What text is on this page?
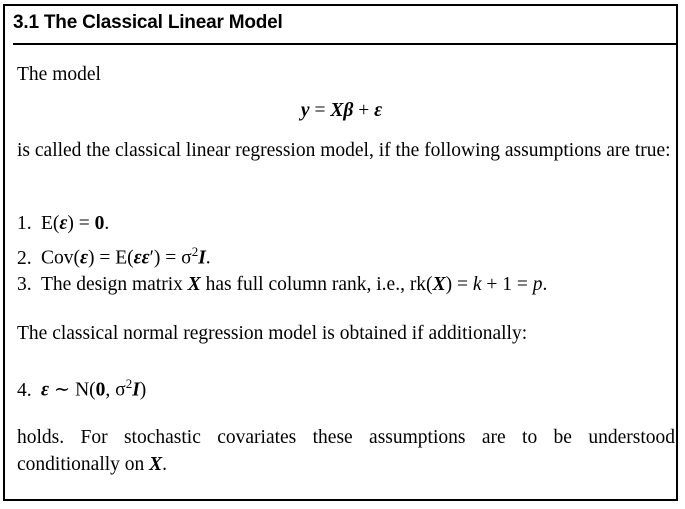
3.1 The Classical Linear Model
The model
y = Xβ + ε
is called the classical linear regression model, if the following assumptions are true:
1. E(ε) = 0.
2. $Cov(\varepsilon) = E(\varepsilon\varepsilon') = \sigma^2I$.
3. The design matrix X has full column rank, i.e., rk(X) = k + 1 = p.
The classical normal regression model is obtained if additionally:
4. ε ∼ N(0, $\sigma^2I$)
holds. For stochastic covariates these assumptions are to be understood conditionally on X.
